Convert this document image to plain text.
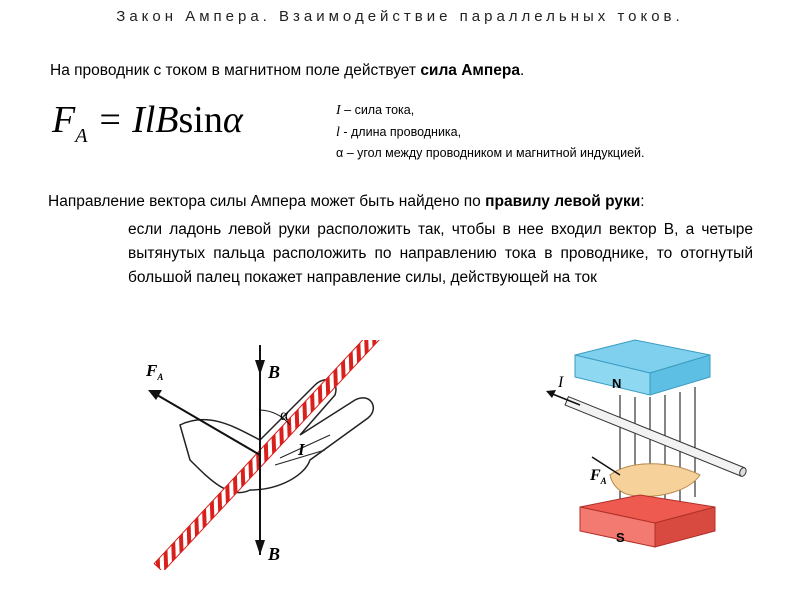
Закон Ампера. Взаимодействие параллельных токов.
На проводник с током в магнитном поле действует сила Ампера.
$F_A = IlBsin\alpha$	I – сила тока,
l - длина проводника,
α – угол между проводником и магнитной индукцией.
Направление вектора силы Ампера может быть найдено по правилу левой руки:
если ладонь левой руки расположить так, чтобы в нее входил вектор В, а четыре вытянутых пальца расположить по направлению тока в проводнике, то отогнутый большой палец покажет направление силы, действующей на ток
$F_A$	B
B
α
I
N
I
$F_A$
S
